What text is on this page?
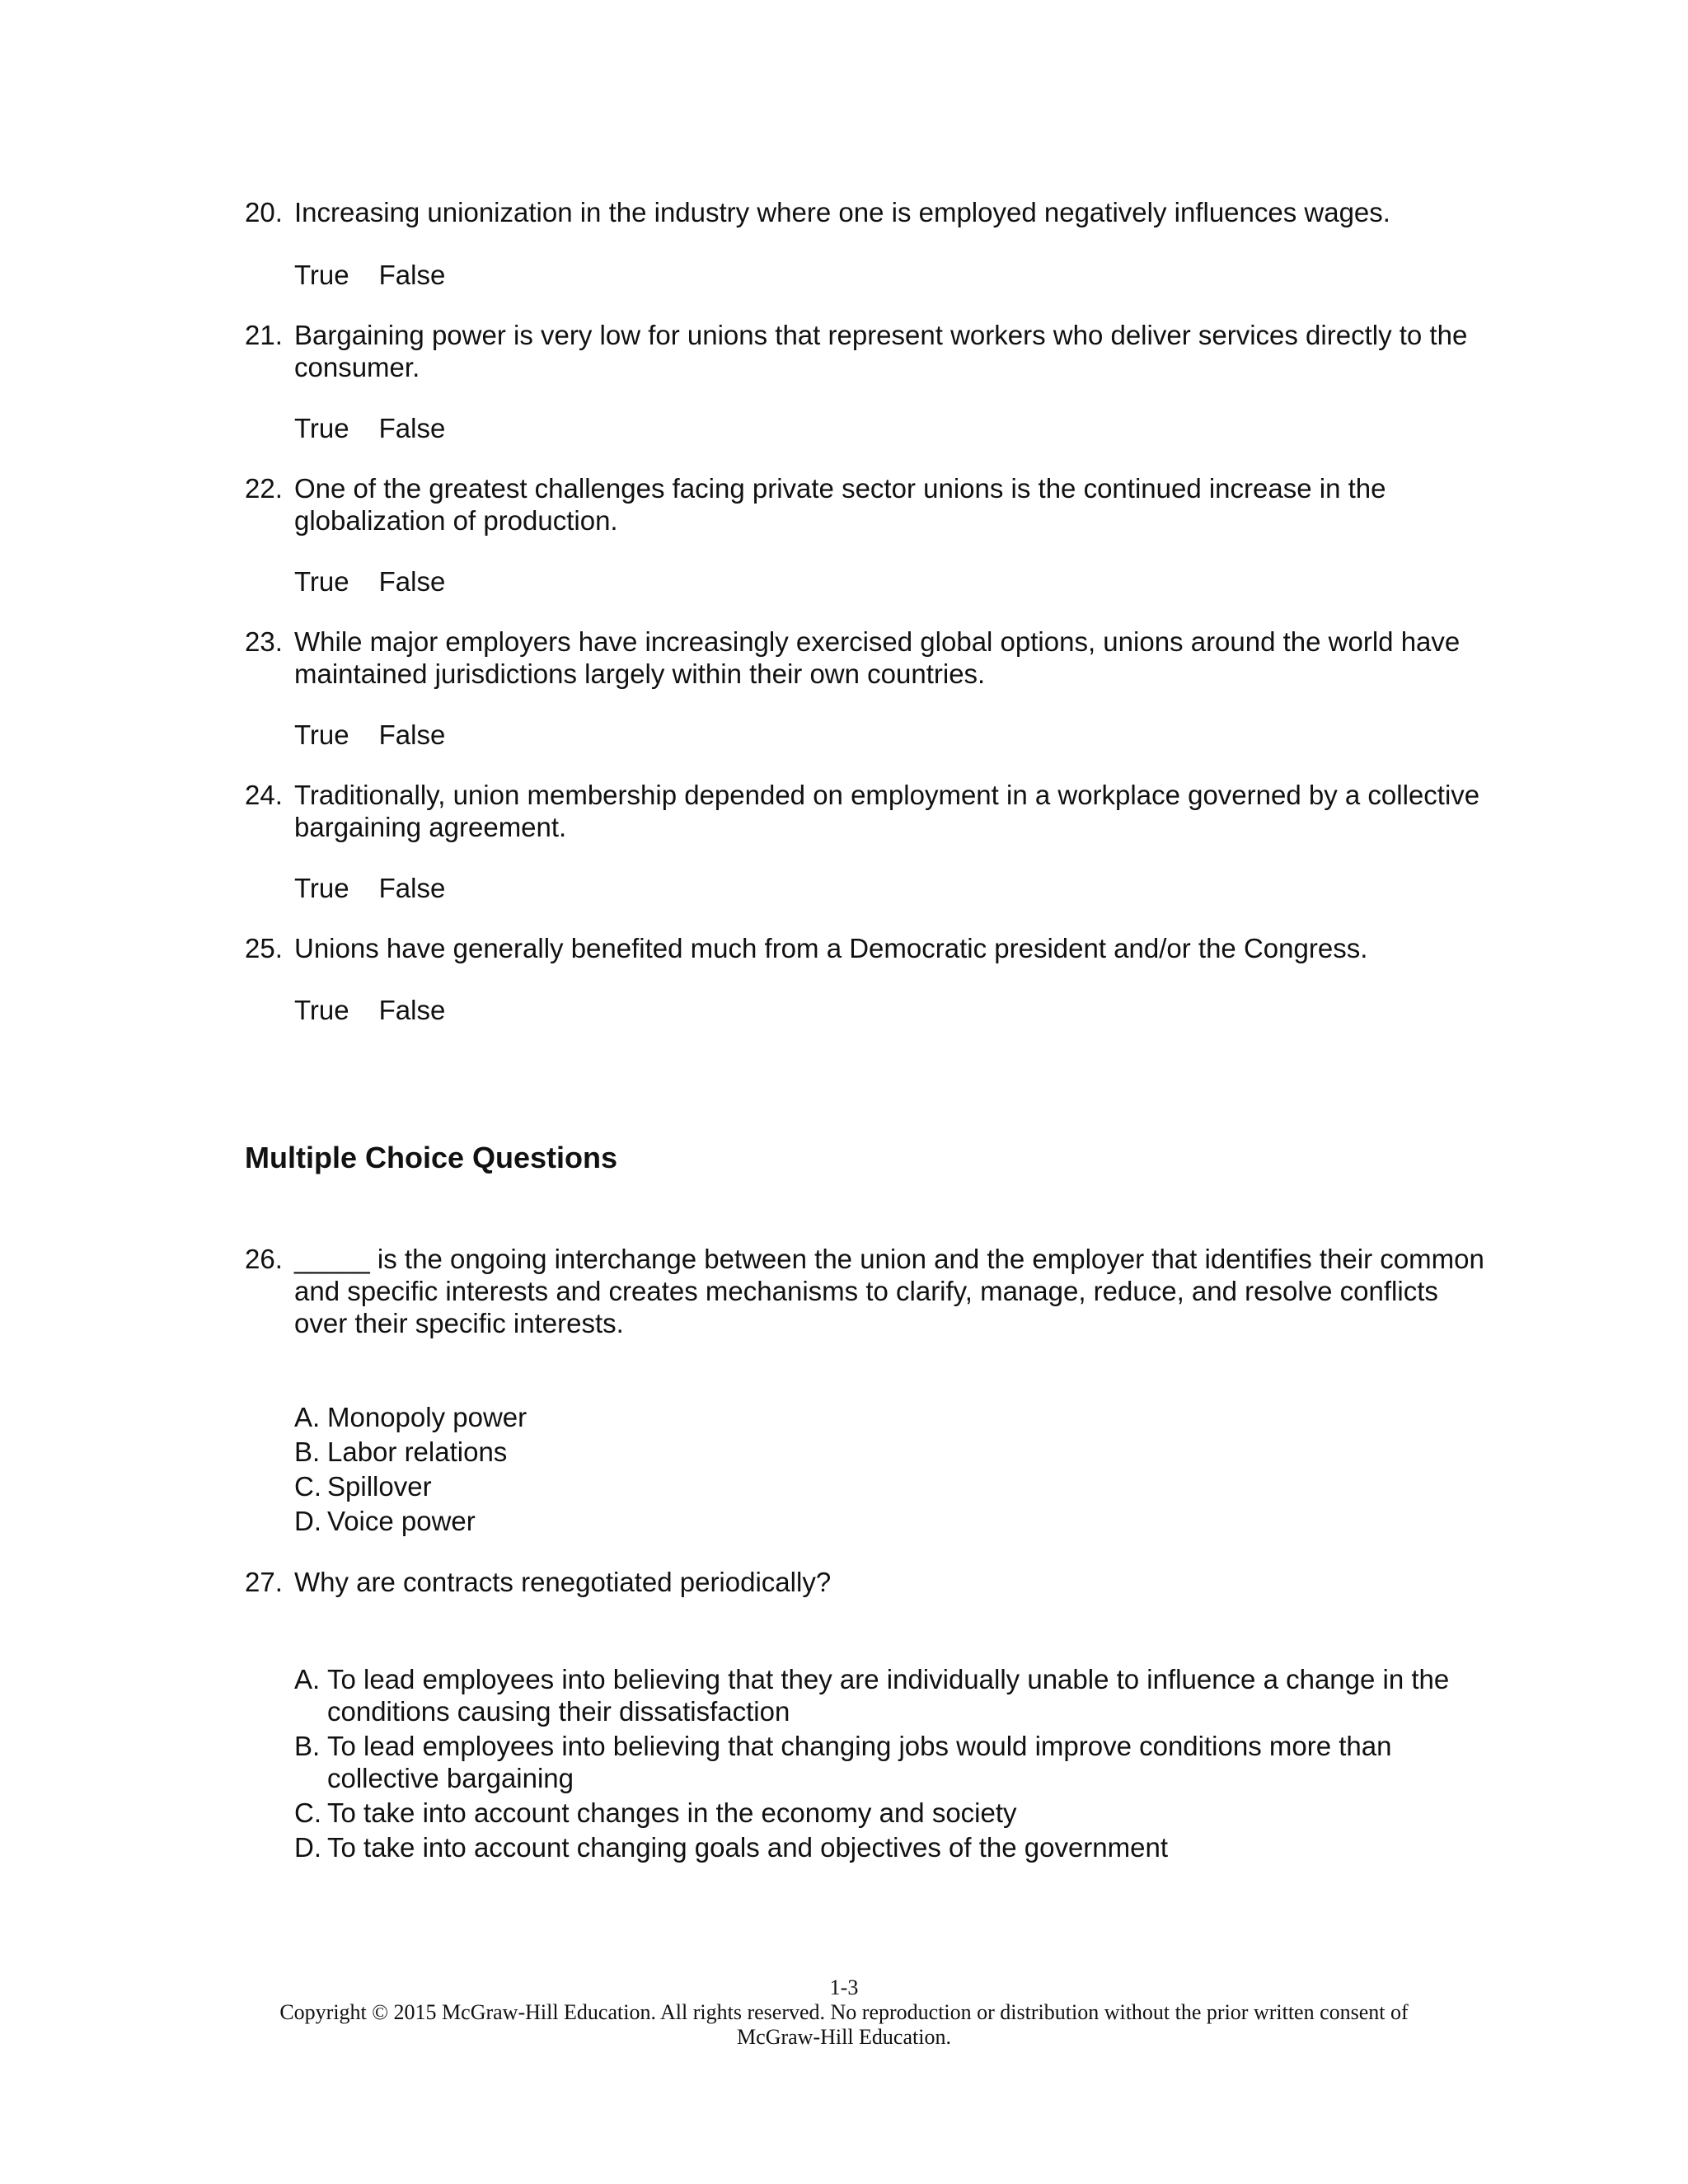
20. Increasing unionization in the industry where one is employed negatively influences wages.
True False
21. Bargaining power is very low for unions that represent workers who deliver services directly to the consumer.
True False
22. One of the greatest challenges facing private sector unions is the continued increase in the globalization of production.
True False
23. While major employers have increasingly exercised global options, unions around the world have maintained jurisdictions largely within their own countries.
True False
24. Traditionally, union membership depended on employment in a workplace governed by a collective bargaining agreement.
True False
25. Unions have generally benefited much from a Democratic president and/or the Congress.
True False
Multiple Choice Questions
26. _____ is the ongoing interchange between the union and the employer that identifies their common and specific interests and creates mechanisms to clarify, manage, reduce, and resolve conflicts over their specific interests.
A. Monopoly power
B. Labor relations
C. Spillover
D. Voice power
27. Why are contracts renegotiated periodically?
A. To lead employees into believing that they are individually unable to influence a change in the conditions causing their dissatisfaction
B. To lead employees into believing that changing jobs would improve conditions more than collective bargaining
C. To take into account changes in the economy and society
D. To take into account changing goals and objectives of the government
1-3
Copyright © 2015 McGraw-Hill Education. All rights reserved. No reproduction or distribution without the prior written consent of
McGraw-Hill Education.
